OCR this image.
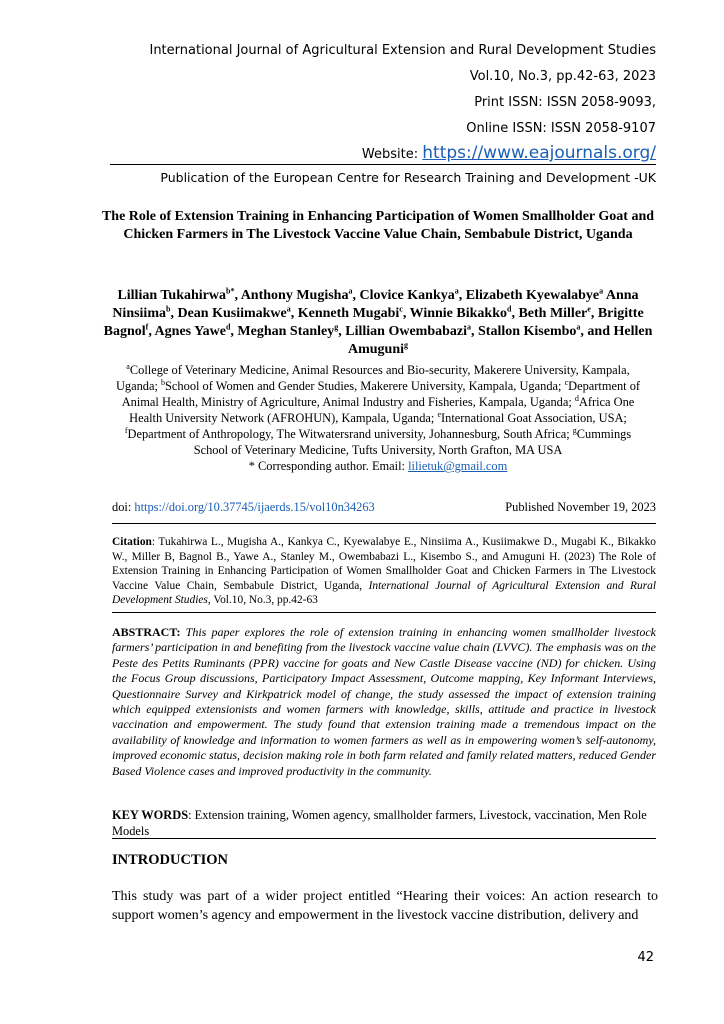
International Journal of Agricultural Extension and Rural Development Studies
Vol.10, No.3, pp.42-63, 2023
Print ISSN: ISSN 2058-9093,
Online ISSN: ISSN 2058-9107
Website: https://www.eajournals.org/
Publication of the European Centre for Research Training and Development -UK
The Role of Extension Training in Enhancing Participation of Women Smallholder Goat and Chicken Farmers in The Livestock Vaccine Value Chain, Sembabule District, Uganda
Lillian Tukahirwa$^{b*}$, Anthony Mugisha$^a$, Clovice Kankya$^a$, Elizabeth Kyewalabye$^a$ Anna Ninsiima$^b$, Dean Kusiimakwe$^a$, Kenneth Mugabi$^c$, Winnie Bikakko$^d$, Beth Miller$^e$, Brigitte Bagnol$^f$, Agnes Yawe$^d$, Meghan Stanley$^g$, Lillian Owembabazi$^a$, Stallon Kisembo$^a$, and Hellen Amuguni$^g$
$^a$College of Veterinary Medicine, Animal Resources and Bio-security, Makerere University, Kampala, Uganda; $^b$School of Women and Gender Studies, Makerere University, Kampala, Uganda; $^c$Department of Animal Health, Ministry of Agriculture, Animal Industry and Fisheries, Kampala, Uganda; $^d$Africa One Health University Network (AFROHUN), Kampala, Uganda; $^e$International Goat Association, USA; $^f$Department of Anthropology, The Witwatersrand university, Johannesburg, South Africa; $^g$Cummings School of Veterinary Medicine, Tufts University, North Grafton, MA USA
* Corresponding author. Email: lilietuk@gmail.com
doi: https://doi.org/10.37745/ijaerds.15/vol10n34263	Published November 19, 2023
Citation: Tukahirwa L., Mugisha A., Kankya C., Kyewalabye E., Ninsiima A., Kusiimakwe D., Mugabi K., Bikakko W., Miller B, Bagnol B., Yawe A., Stanley M., Owembabazi L., Kisembo S., and Amuguni H. (2023) The Role of Extension Training in Enhancing Participation of Women Smallholder Goat and Chicken Farmers in The Livestock Vaccine Value Chain, Sembabule District, Uganda, International Journal of Agricultural Extension and Rural Development Studies, Vol.10, No.3, pp.42-63
ABSTRACT: This paper explores the role of extension training in enhancing women smallholder livestock farmers’ participation in and benefiting from the livestock vaccine value chain (LVVC). The emphasis was on the Peste des Petits Ruminants (PPR) vaccine for goats and New Castle Disease vaccine (ND) for chicken. Using the Focus Group discussions, Participatory Impact Assessment, Outcome mapping, Key Informant Interviews, Questionnaire Survey and Kirkpatrick model of change, the study assessed the impact of extension training which equipped extensionists and women farmers with knowledge, skills, attitude and practice in livestock vaccination and empowerment. The study found that extension training made a tremendous impact on the availability of knowledge and information to women farmers as well as in empowering women’s self-autonomy, improved economic status, decision making role in both farm related and family related matters, reduced Gender Based Violence cases and improved productivity in the community.
KEY WORDS: Extension training, Women agency, smallholder farmers, Livestock, vaccination, Men Role Models
INTRODUCTION
This study was part of a wider project entitled “Hearing their voices: An action research to support women’s agency and empowerment in the livestock vaccine distribution, delivery and
42
